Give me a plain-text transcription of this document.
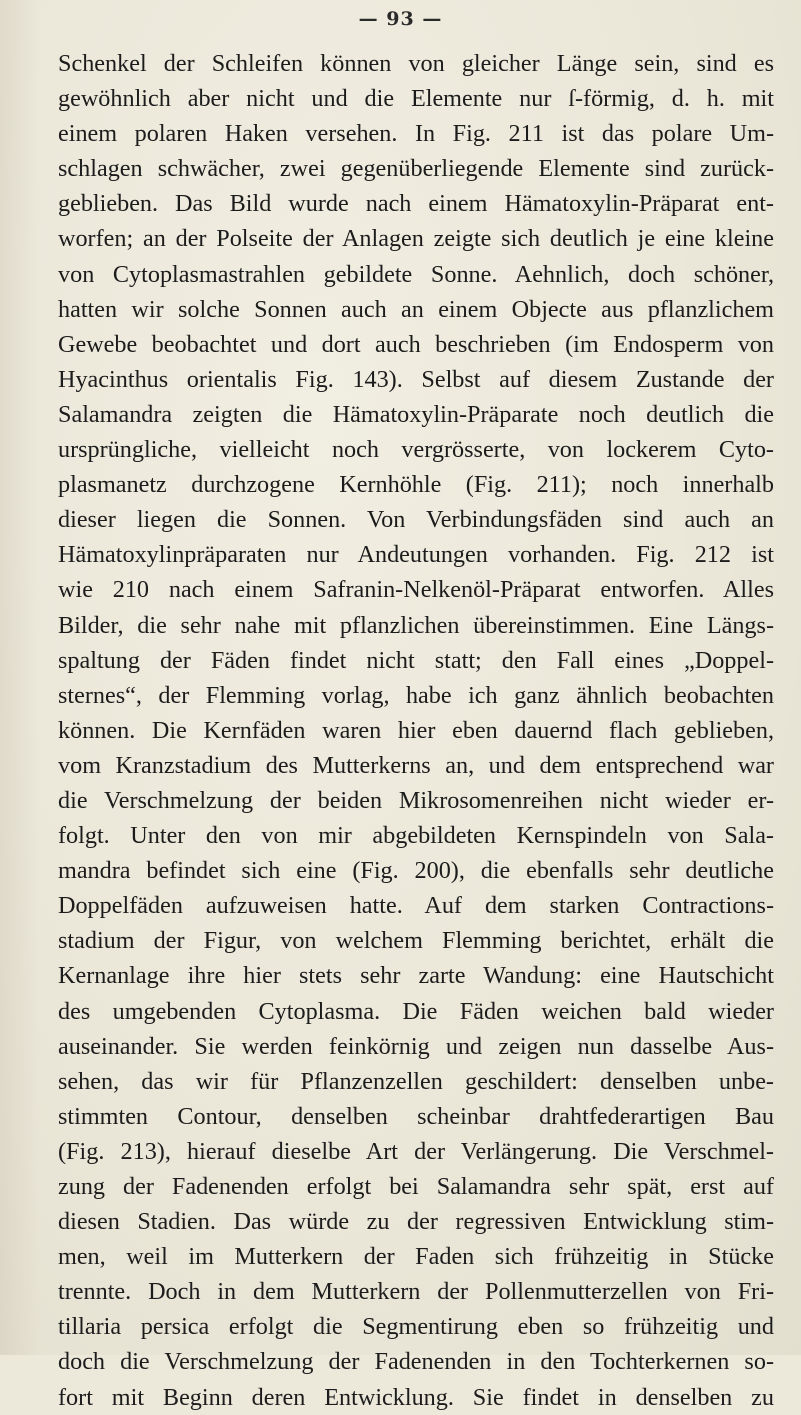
— 93 —
Schenkel der Schleifen können von gleicher Länge sein, sind es
gewöhnlich aber nicht und die Elemente nur ſ-förmig, d. h. mit
einem polaren Haken versehen. In Fig. 211 ist das polare Um-
schlagen schwächer, zwei gegenüberliegende Elemente sind zurück-
geblieben. Das Bild wurde nach einem Hämatoxylin-Präparat ent-
worfen; an der Polseite der Anlagen zeigte sich deutlich je eine kleine
von Cytoplasmastrahlen gebildete Sonne. Aehnlich, doch schöner,
hatten wir solche Sonnen auch an einem Objecte aus pflanzlichem
Gewebe beobachtet und dort auch beschrieben (im Endosperm von
Hyacinthus orientalis Fig. 143). Selbst auf diesem Zustande der
Salamandra zeigten die Hämatoxylin-Präparate noch deutlich die
ursprüngliche, vielleicht noch vergrösserte, von lockerem Cyto-
plasmanetz durchzogene Kernhöhle (Fig. 211); noch innerhalb
dieser liegen die Sonnen. Von Verbindungsfäden sind auch an
Hämatoxylinpräparaten nur Andeutungen vorhanden. Fig. 212 ist
wie 210 nach einem Safranin-Nelkenöl-Präparat entworfen. Alles
Bilder, die sehr nahe mit pflanzlichen übereinstimmen. Eine Längs-
spaltung der Fäden findet nicht statt; den Fall eines „Doppel-
sternes“, der Flemming vorlag, habe ich ganz ähnlich beobachten
können. Die Kernfäden waren hier eben dauernd flach geblieben,
vom Kranzstadium des Mutterkerns an, und dem entsprechend war
die Verschmelzung der beiden Mikrosomenreihen nicht wieder er-
folgt. Unter den von mir abgebildeten Kernspindeln von Sala-
mandra befindet sich eine (Fig. 200), die ebenfalls sehr deutliche
Doppelfäden aufzuweisen hatte. Auf dem starken Contractions-
stadium der Figur, von welchem Flemming berichtet, erhält die
Kernanlage ihre hier stets sehr zarte Wandung: eine Hautschicht
des umgebenden Cytoplasma. Die Fäden weichen bald wieder
auseinander. Sie werden feinkörnig und zeigen nun dasselbe Aus-
sehen, das wir für Pflanzenzellen geschildert: denselben unbe-
stimmten Contour, denselben scheinbar drahtfederartigen Bau
(Fig. 213), hierauf dieselbe Art der Verlängerung. Die Verschmel-
zung der Fadenenden erfolgt bei Salamandra sehr spät, erst auf
diesen Stadien. Das würde zu der regressiven Entwicklung stim-
men, weil im Mutterkern der Faden sich frühzeitig in Stücke
trennte. Doch in dem Mutterkern der Pollenmutterzellen von Fri-
tillaria persica erfolgt die Segmentirung eben so frühzeitig und
doch die Verschmelzung der Fadenenden in den Tochterkernen so-
fort mit Beginn deren Entwicklung. Sie findet in denselben zu
